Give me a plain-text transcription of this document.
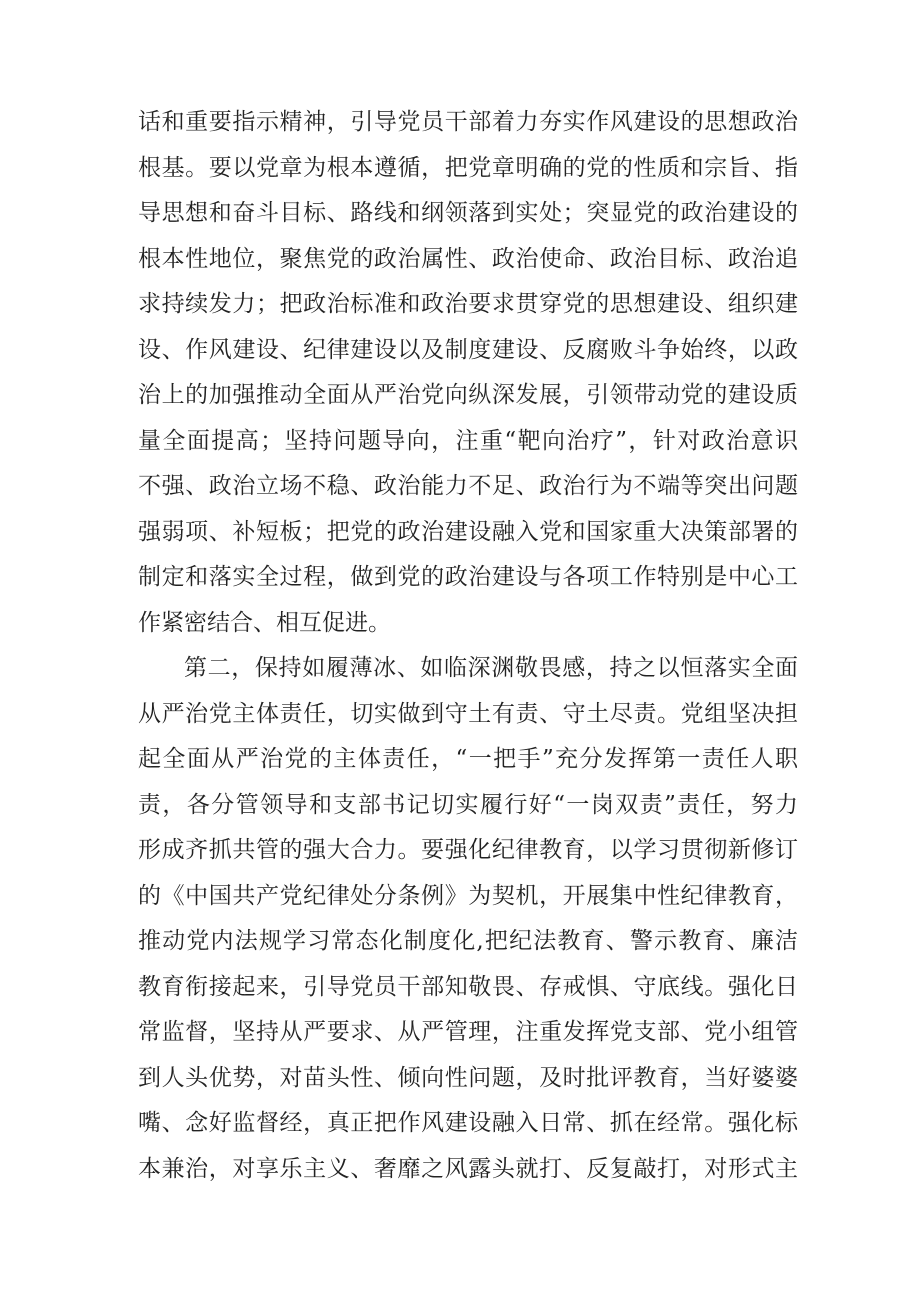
话和重要指示精神，引导党员干部着力夯实作风建设的思想政治
根基。要以党章为根本遵循，把党章明确的党的性质和宗旨、指
导思想和奋斗目标、路线和纲领落到实处；突显党的政治建设的
根本性地位，聚焦党的政治属性、政治使命、政治目标、政治追
求持续发力；把政治标准和政治要求贯穿党的思想建设、组织建
设、作风建设、纪律建设以及制度建设、反腐败斗争始终，以政
治上的加强推动全面从严治党向纵深发展，引领带动党的建设质
量全面提高；坚持问题导向，注重“靶向治疗”，针对政治意识
不强、政治立场不稳、政治能力不足、政治行为不端等突出问题
强弱项、补短板；把党的政治建设融入党和国家重大决策部署的
制定和落实全过程，做到党的政治建设与各项工作特别是中心工
作紧密结合、相互促进。
第二，保持如履薄冰、如临深渊敬畏感，持之以恒落实全面
从严治党主体责任，切实做到守土有责、守土尽责。党组坚决担
起全面从严治党的主体责任，“一把手”充分发挥第一责任人职
责，各分管领导和支部书记切实履行好“一岗双责”责任，努力
形成齐抓共管的强大合力。要强化纪律教育，以学习贯彻新修订
的《中国共产党纪律处分条例》为契机，开展集中性纪律教育，
推动党内法规学习常态化制度化,把纪法教育、警示教育、廉洁
教育衔接起来，引导党员干部知敬畏、存戒惧、守底线。强化日
常监督，坚持从严要求、从严管理，注重发挥党支部、党小组管
到人头优势，对苗头性、倾向性问题，及时批评教育，当好婆婆
嘴、念好监督经，真正把作风建设融入日常、抓在经常。强化标
本兼治，对享乐主义、奢靡之风露头就打、反复敲打，对形式主
